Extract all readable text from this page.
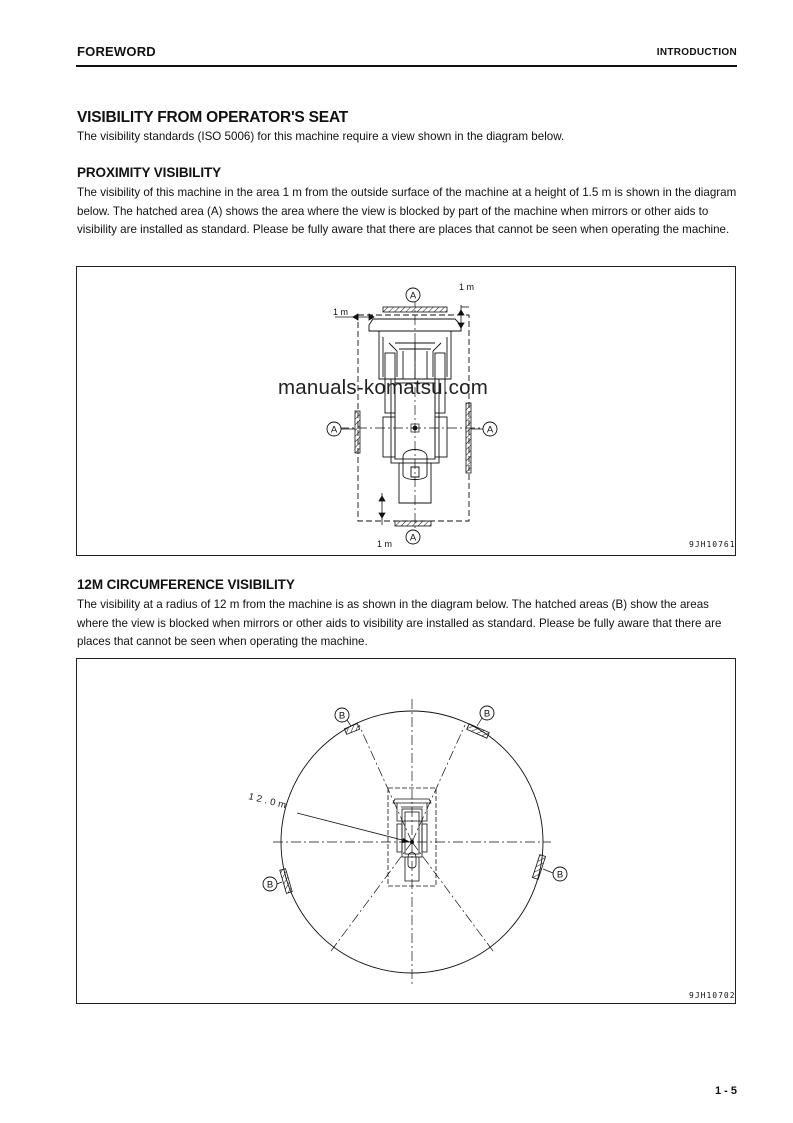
FOREWORD	INTRODUCTION
VISIBILITY FROM OPERATOR'S SEAT

The visibility standards (ISO 5006) for this machine require a view shown in the diagram below.

PROXIMITY VISIBILITY

The visibility of this machine in the area 1 m from the outside surface of the machine at a height of 1.5 m is shown in the diagram below. The hatched area (A) shows the area where the view is blocked by part of the machine when mirrors or other aids to visibility are installed as standard. Please be fully aware that there are places that cannot be seen when operating the machine.

1 m
1 m
1 m
A
A	A
A
9JH10761
manuals-komatsu.com
12M CIRCUMFERENCE VISIBILITY

The visibility at a radius of 12 m from the machine is as shown in the diagram below. The hatched areas (B) show the areas where the view is blocked when mirrors or other aids to visibility are installed as standard. Please be fully aware that there are places that cannot be seen when operating the machine.

12.0m
B	B
B
B
9JH10702
1 - 5
